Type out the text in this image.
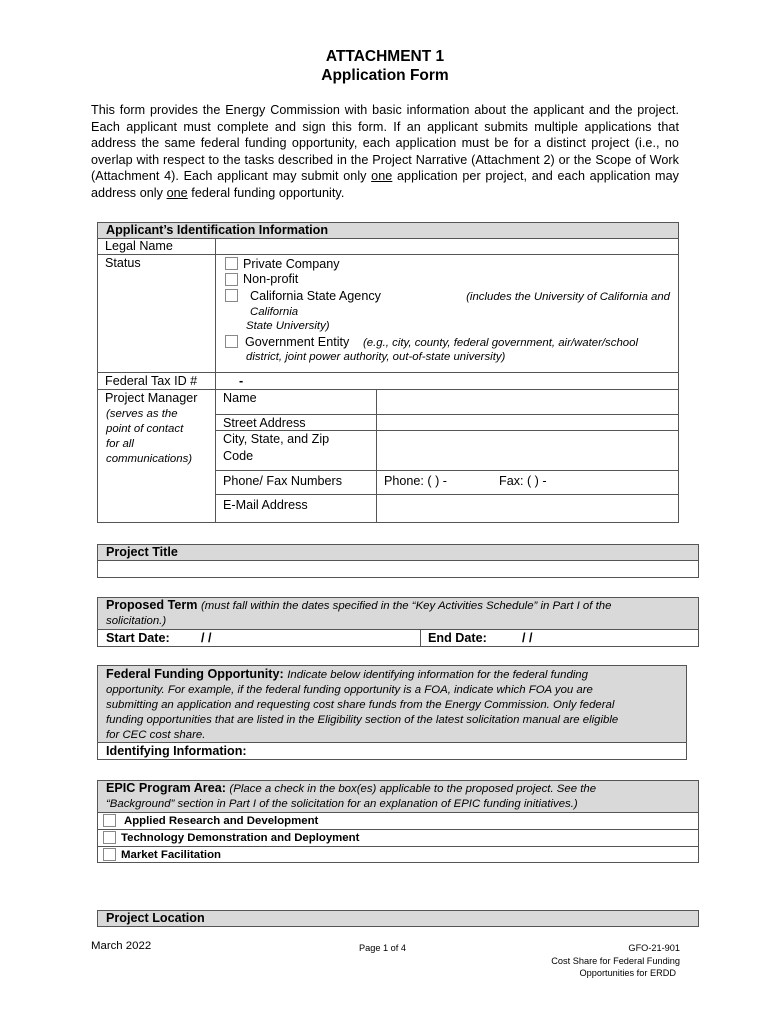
ATTACHMENT 1
Application Form
This form provides the Energy Commission with basic information about the applicant and the project. Each applicant must complete and sign this form. If an applicant submits multiple applications that address the same federal funding opportunity, each application must be for a distinct project (i.e., no overlap with respect to the tasks described in the Project Narrative (Attachment 2) or the Scope of Work (Attachment 4). Each applicant may submit only one application per project, and each application may address only one federal funding opportunity.
Applicant’s Identification Information
Legal Name
Status	Private Company
Non-profit
California State Agency	(includes the University of California and
California
State University)
Government Entity (e.g., city, county, federal government, air/water/school
district, joint power authority, out-of-state university)
Federal Tax ID #	-
Project Manager
(serves as the
point of contact
for all
communications)
Name
Street Address
City, State, and Zip
Code
Phone/ Fax Numbers	Phone: ( ) -	Fax: ( ) -
E-Mail Address
Project Title
Proposed Term (must fall within the dates specified in the “Key Activities Schedule” in Part I of the
solicitation.)
Start Date: / /	End Date:	/ /
Federal Funding Opportunity: Indicate below identifying information for the federal funding
opportunity. For example, if the federal funding opportunity is a FOA, indicate which FOA you are
submitting an application and requesting cost share funds from the Energy Commission. Only federal
funding opportunities that are listed in the Eligibility section of the latest solicitation manual are eligible
for CEC cost share.
Identifying Information:
EPIC Program Area: (Place a check in the box(es) applicable to the proposed project. See the
“Background” section in Part I of the solicitation for an explanation of EPIC funding initiatives.)
Applied Research and Development
Technology Demonstration and Deployment
Market Facilitation
Project Location
March 2022	Page 1 of 4	GFO-21-901
Cost Share for Federal Funding
Opportunities for ERDD
